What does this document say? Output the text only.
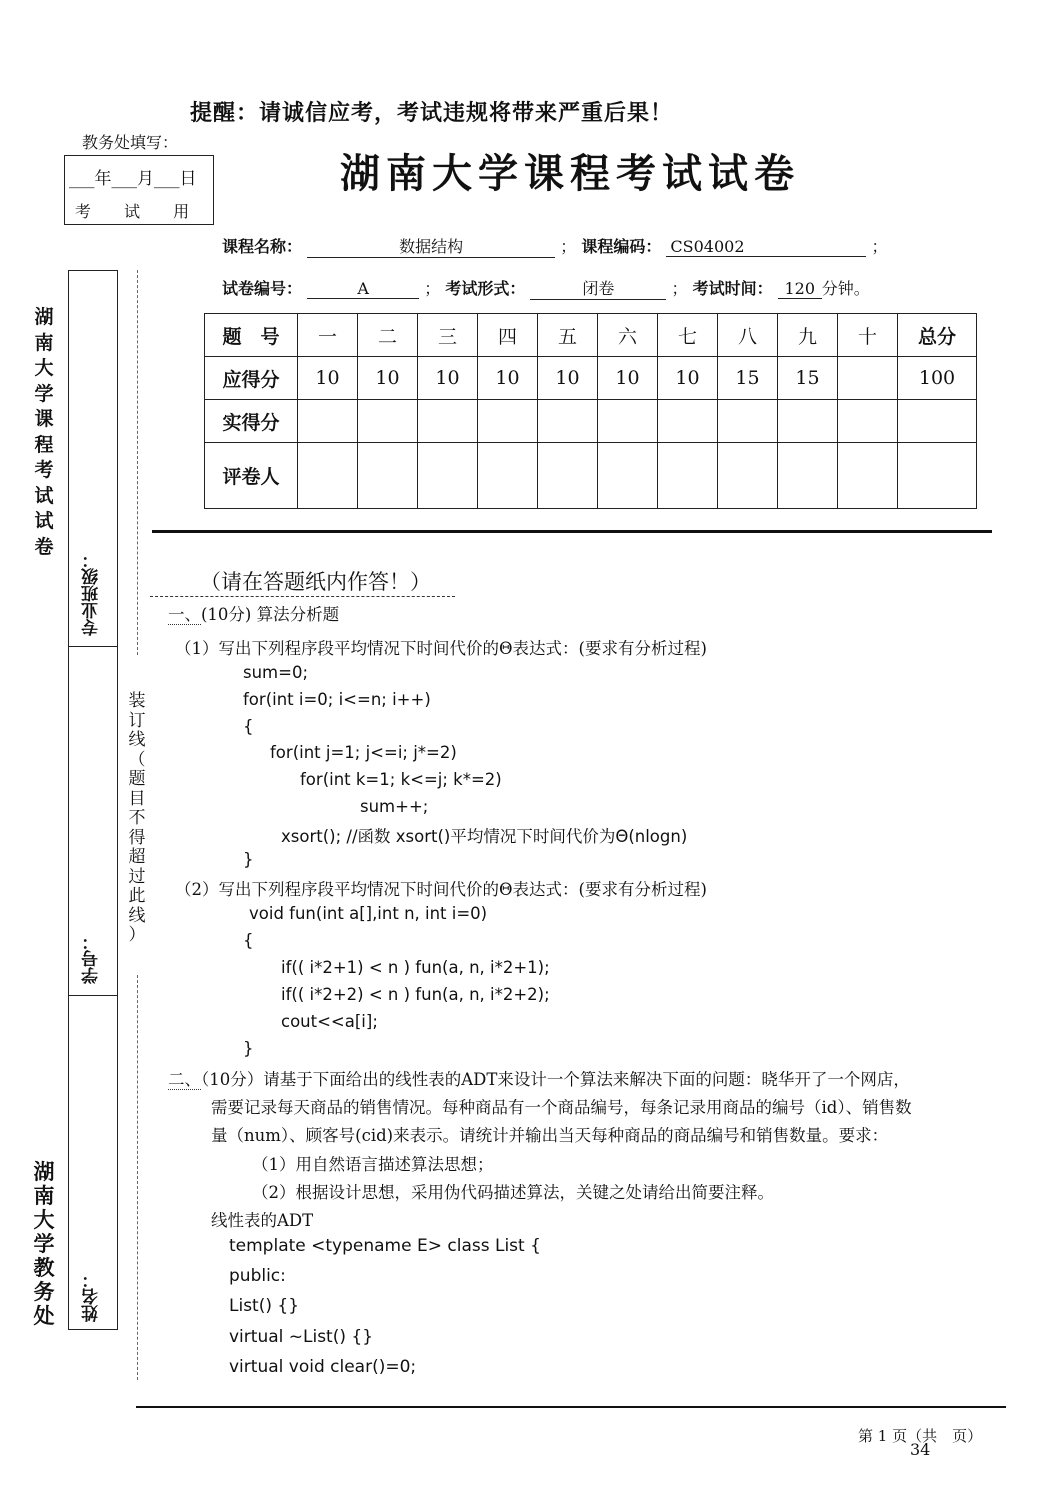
提醒：请诚信应考，考试违规将带来严重后果！
教务处填写：
___年___月___日
考 试 用
湖南大学课程考试试卷
课程名称：	数据结构	； 课程编码： CS04002	；
试卷编号：	A	； 考试形式：	闭卷	； 考试时间： 120 分钟。
题　号	一	二	三	四	五	六	七	八	九	十	总分
应得分	10	10	10	10	10	10	10	15	15		100
实得分											
评卷人											
湖
南
大
学
课
程
考
试
试
卷
湖
南
大
学
教
务
处
专业班级：
学号：
姓名：
装
订
线
（
题
目
不
得
超
过
此
线
）
（请在答题纸内作答！）
一、(10分) 算法分析题
（1）写出下列程序段平均情况下时间代价的Θ表达式：(要求有分析过程)
sum=0;
for(int i=0; i<=n; i++)
{
for(int j=1; j<=i; j*=2)
for(int k=1; k<=j; k*=2)
sum++;
xsort(); //函数 xsort()平均情况下时间代价为Θ(nlogn)
}
（2）写出下列程序段平均情况下时间代价的Θ表达式：(要求有分析过程)
void fun(int a[],int n, int i=0)
{
if(( i*2+1) < n ) fun(a, n, i*2+1);
if(( i*2+2) < n ) fun(a, n, i*2+2);
cout<<a[i];
}
二、（10分）请基于下面给出的线性表的ADT来设计一个算法来解决下面的问题：晓华开了一个网店，
需要记录每天商品的销售情况。每种商品有一个商品编号，每条记录用商品的编号（id）、销售数
量（num）、顾客号(cid)来表示。请统计并输出当天每种商品的商品编号和销售数量。要求：
（1）用自然语言描述算法思想；
（2）根据设计思想，采用伪代码描述算法，关键之处请给出简要注释。
线性表的ADT
template <typename E> class List {
public:
List() {}
virtual ~List() {}
virtual void clear()=0;
第 1 页（共　页）
34
